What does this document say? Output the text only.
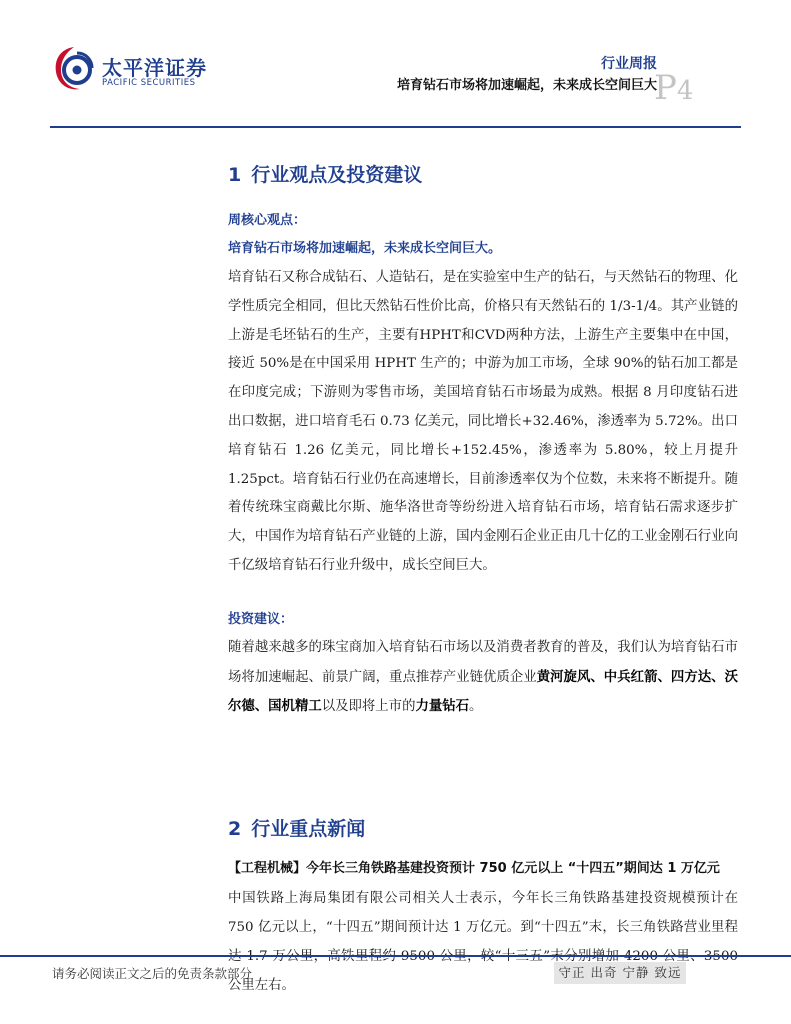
太平洋证券
PACIFIC SECURITIES
行业周报
培育钻石市场将加速崛起，未来成长空间巨大
P4
1 行业观点及投资建议
周核心观点：
培育钻石市场将加速崛起，未来成长空间巨大。

培育钻石又称合成钻石、人造钻石，是在实验室中生产的钻石，与天然钻石的物理、化学性质完全相同，但比天然钻石性价比高，价格只有天然钻石的 1/3-1/4。其产业链的上游是毛坯钻石的生产，主要有HPHT和CVD两种方法，上游生产主要集中在中国，接近 50%是在中国采用 HPHT 生产的；中游为加工市场，全球 90%的钻石加工都是在印度完成；下游则为零售市场，美国培育钻石市场最为成熟。根据 8 月印度钻石进出口数据，进口培育毛石 0.73 亿美元，同比增长+32.46%，渗透率为 5.72%。出口培育钻石 1.26 亿美元，同比增长+152.45%，渗透率为 5.80%，较上月提升 1.25pct。培育钻石行业仍在高速增长，目前渗透率仅为个位数，未来将不断提升。随着传统珠宝商戴比尔斯、施华洛世奇等纷纷进入培育钻石市场，培育钻石需求逐步扩大，中国作为培育钻石产业链的上游，国内金刚石企业正由几十亿的工业金刚石行业向千亿级培育钻石行业升级中，成长空间巨大。

投资建议：

随着越来越多的珠宝商加入培育钻石市场以及消费者教育的普及，我们认为培育钻石市场将加速崛起、前景广阔，重点推荐产业链优质企业黄河旋风、中兵红箭、四方达、沃尔德、国机精工以及即将上市的力量钻石。

2 行业重点新闻
【工程机械】今年长三角铁路基建投资预计 750 亿元以上 “十四五”期间达 1 万亿元

中国铁路上海局集团有限公司相关人士表示，今年长三角铁路基建投资规模预计在 750 亿元以上，“十四五”期间预计达 1 万亿元。到“十四五”末，长三角铁路营业里程 公里左右。

请务必阅读正文之后的免责条款部分	守正 出奇 宁静 致远
